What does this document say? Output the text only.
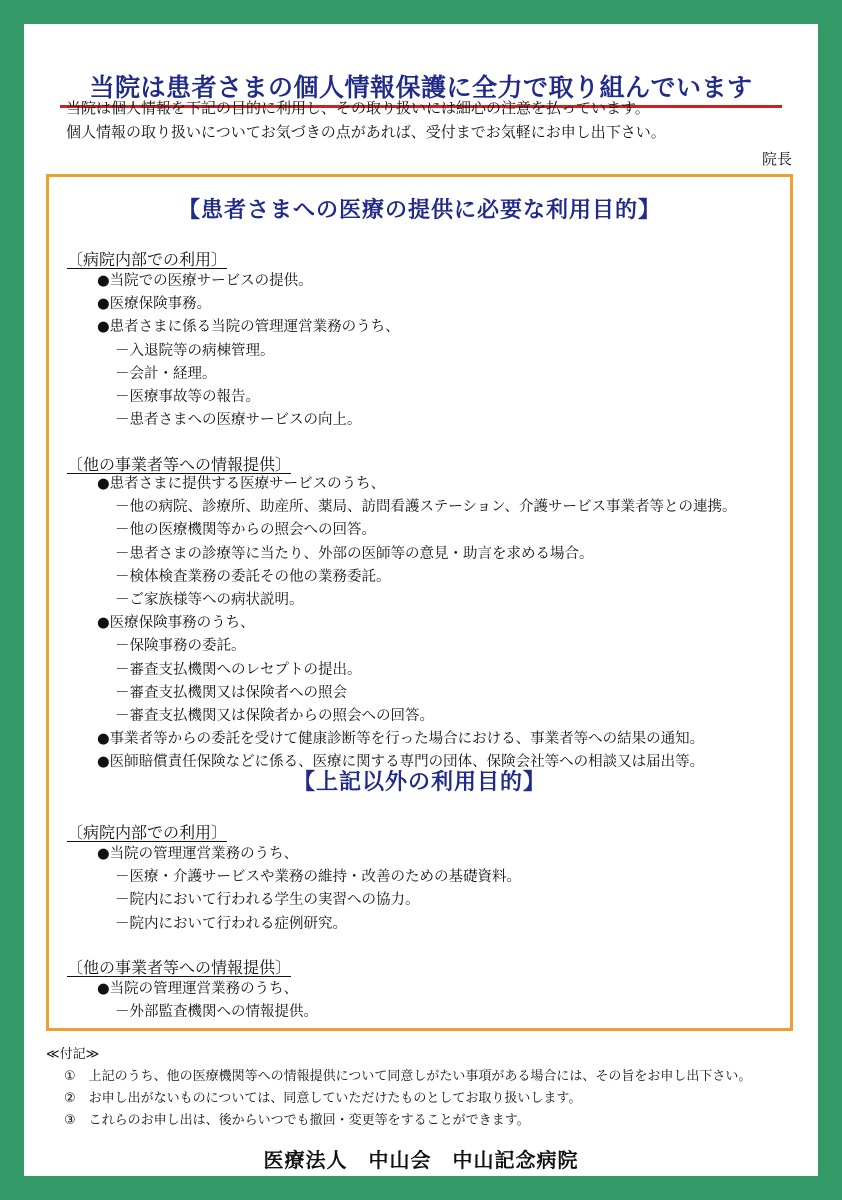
当院は患者さまの個人情報保護に全力で取り組んでいます
当院は個人情報を下記の目的に利用し、その取り扱いには細心の注意を払っています。
個人情報の取り扱いについてお気づきの点があれば、受付までお気軽にお申し出下さい。
院長
【患者さまへの医療の提供に必要な利用目的】
〔病院内部での利用〕
●当院での医療サービスの提供。
●医療保険事務。
●患者さまに係る当院の管理運営業務のうち、
－入退院等の病棟管理。
－会計・経理。
－医療事故等の報告。
－患者さまへの医療サービスの向上。
〔他の事業者等への情報提供〕
●患者さまに提供する医療サービスのうち、
－他の病院、診療所、助産所、薬局、訪問看護ステーション、介護サービス事業者等との連携。
－他の医療機関等からの照会への回答。
－患者さまの診療等に当たり、外部の医師等の意見・助言を求める場合。
－検体検査業務の委託その他の業務委託。
－ご家族様等への病状説明。
●医療保険事務のうち、
－保険事務の委託。
－審査支払機関へのレセプトの提出。
－審査支払機関又は保険者への照会
－審査支払機関又は保険者からの照会への回答。
●事業者等からの委託を受けて健康診断等を行った場合における、事業者等への結果の通知。
●医師賠償責任保険などに係る、医療に関する専門の団体、保険会社等への相談又は届出等。
【上記以外の利用目的】
〔病院内部での利用〕
●当院の管理運営業務のうち、
－医療・介護サービスや業務の維持・改善のための基礎資料。
－院内において行われる学生の実習への協力。
－院内において行われる症例研究。
〔他の事業者等への情報提供〕
●当院の管理運営業務のうち、
－外部監査機関への情報提供。
≪付記≫
①　上記のうち、他の医療機関等への情報提供について同意しがたい事項がある場合には、その旨をお申し出下さい。
②　お申し出がないものについては、同意していただけたものとしてお取り扱いします。
③　これらのお申し出は、後からいつでも撤回・変更等をすることができます。
医療法人　中山会　中山記念病院
